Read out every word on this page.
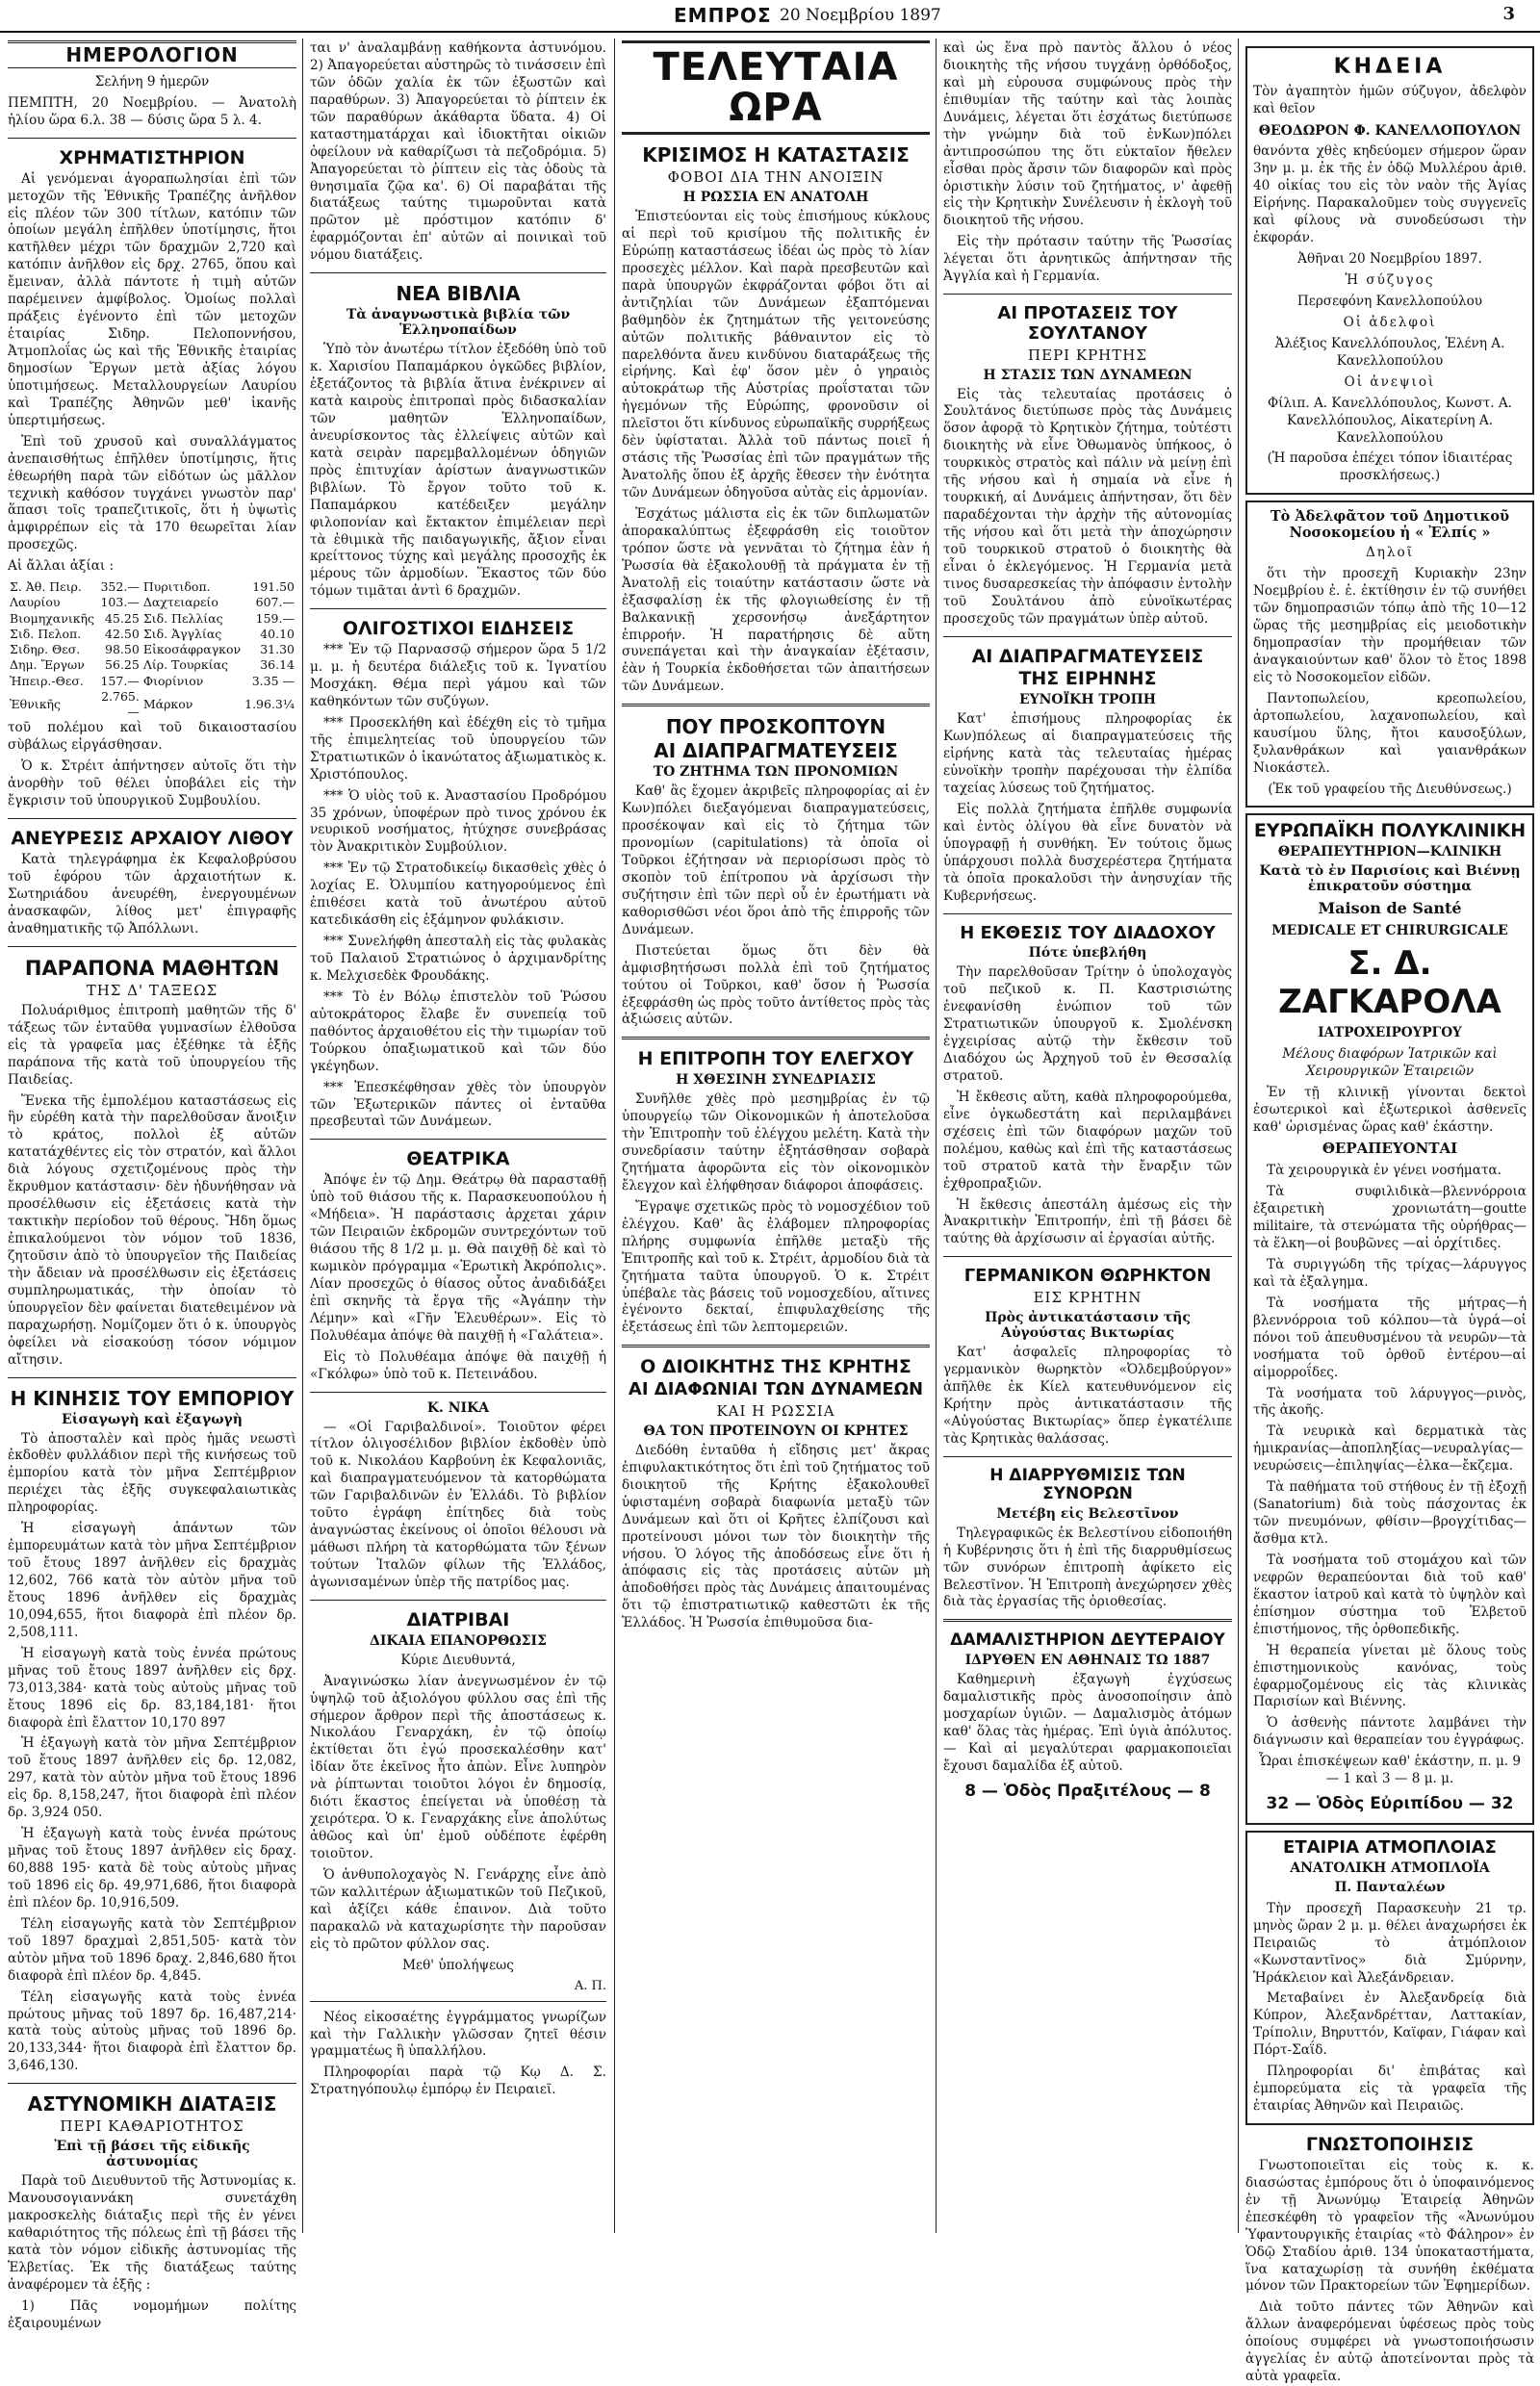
ΕΜΠΡΟΣ 20 Νοεμβρίου 1897	3
ΗΜΕΡΟΛΟΓΙΟΝ

Σελήνη 9 ἡμερῶν

ΠΕΜΠΤΗ, 20 Νοεμβρίου. — Ἀνατολὴ ἡλίου ὥρα 6.λ. 38 — δύσις ὥρα 5 λ. 4.

ΧΡΗΜΑΤΙΣΤΗΡΙΟΝ

Αἱ γενόμεναι ἀγοραπωλησίαι ἐπὶ τῶν μετοχῶν τῆς Ἐθνικῆς Τραπέζης ἀνῆλθον εἰς πλέον τῶν 300 τίτλων, κατόπιν τῶν ὁποίων μεγάλη ἐπῆλθεν ὑποτίμησις, ἥτοι κατῆλθεν μέχρι τῶν δραχμῶν 2,720 καὶ κατόπιν ἀνῆλθον εἰς δρχ. 2765, ὅπου καὶ ἔμειναν, ἀλλὰ πάντοτε ἡ τιμὴ αὐτῶν παρέμεινεν ἀμφίβολος. Ὁμοίως πολλαὶ πράξεις ἐγένοντο ἐπὶ τῶν μετοχῶν ἑταιρίας Σιδηρ. Πελοποννήσου, Ἀτμοπλοΐας ὡς καὶ τῆς Ἐθνικῆς ἑταιρίας δημοσίων Ἔργων μετὰ ἀξίας λόγου ὑποτιμήσεως. Μεταλλουργείων Λαυρίου καὶ Τραπέζης Ἀθηνῶν μεθ' ἱκανῆς ὑπερτιμήσεως.

Ἐπὶ τοῦ χρυσοῦ καὶ συναλλάγματος ἀνεπαισθήτως ἐπῆλθεν ὑποτίμησις, ἥτις ἐθεωρήθη παρὰ τῶν εἰδότων ὡς μᾶλλον τεχνικὴ καθόσον τυγχάνει γνωστὸν παρ' ἅπασι τοῖς τραπεζιτικοῖς, ὅτι ἡ ὑψωτὶς ἀμφιρρέπων εἰς τὰ 170 θεωρεῖται λίαν προσεχῶς.

Αἱ ἄλλαι ἀξίαι :

Σ. Ἀθ. Πειρ.	352.—	Πυριτιδοπ.	191.50
Λαυρίου	103.—	Δαχτειαρείο	607.—
Βιομηχανικῆς	45.25	Σιδ. Πελλίας	159.—
Σιδ. Πελοπ.	42.50	Σιδ. Ἀγγλίας	40.10
Σιδηρ. Θεσ.	98.50	Εἰκοσάφραγκον	31.30
Δημ. Ἔργων	56.25	Λίρ. Τουρκίας	36.14
Ἠπειρ.-Θεσ.	157.—	Φιορίνιον	3.35 —
Ἐθνικῆς	2.765.—	Μάρκον	1.96.3¼

τοῦ πολέμου καὶ τοῦ δικαιοστασίου σὺβάλως εἰργάσθησαν.

Ὁ κ. Στρέιτ ἀπήντησεν αὐτοῖς ὅτι τὴν ἀνορθὴν τοῦ θέλει ὑποβάλει εἰς τὴν ἔγκρισιν τοῦ ὑπουργικοῦ Συμβουλίου.

ΑΝΕΥΡΕΣΙΣ ΑΡΧΑΙΟΥ ΛΙΘΟΥ

Κατὰ τηλεγράφημα ἐκ Κεφαλοβρύσου τοῦ ἐφόρου τῶν ἀρχαιοτήτων κ. Σωτηριάδου ἀνευρέθη, ἐνεργουμένων ἀνασκαφῶν, λίθος μετ' ἐπιγραφῆς ἀναθηματικῆς τῷ Ἀπόλλωνι.

ΠΑΡΑΠΟΝΑ ΜΑΘΗΤΩΝ
ΤΗΣ Δ' ΤΑΞΕΩΣ

Πολυάριθμος ἐπιτροπὴ μαθητῶν τῆς δ' τάξεως τῶν ἐνταῦθα γυμνασίων ἐλθοῦσα εἰς τὰ γραφεῖα μας ἐξέθηκε τὰ ἑξῆς παράπονα τῆς κατὰ τοῦ ὑπουργείου τῆς Παιδείας.

Ἕνεκα τῆς ἐμπολέμου καταστάσεως εἰς ἣν εὑρέθη κατὰ τὴν παρελθοῦσαν ἄνοιξιν τὸ κράτος, πολλοὶ ἐξ αὐτῶν κατατάχθέντες εἰς τὸν στρατόν, καὶ ἄλλοι διὰ λόγους σχετιζομένους πρὸς τὴν ἔκρυθμον κατάστασιν· δὲν ἠδυνήθησαν νὰ προσέλθωσιν εἰς ἐξετάσεις κατὰ τὴν τακτικὴν περίοδον τοῦ θέρους. Ἤδη ὅμως ἐπικαλούμενοι τὸν νόμον τοῦ 1836, ζητοῦσιν ἀπὸ τὸ ὑπουργεῖον τῆς Παιδείας τὴν ἄδειαν νὰ προσέλθωσιν εἰς ἐξετάσεις συμπληρωματικάς, τὴν ὁποίαν τὸ ὑπουργεῖον δὲν φαίνεται διατεθειμένον νὰ παραχωρήσῃ. Νομίζομεν ὅτι ὁ κ. ὑπουργὸς ὀφείλει νὰ εἰσακούσῃ τόσον νόμιμον αἴτησιν.

Η ΚΙΝΗΣΙΣ ΤΟΥ ΕΜΠΟΡΙΟΥ
Εἰσαγωγὴ καὶ ἐξαγωγὴ

Τὸ ἀποσταλὲν καὶ πρὸς ἡμᾶς νεωστὶ ἐκδοθὲν φυλλάδιον περὶ τῆς κινήσεως τοῦ ἐμπορίου κατὰ τὸν μῆνα Σεπτέμβριον περιέχει τὰς ἑξῆς συγκεφαλαιωτικὰς πληροφορίας.

Ἡ εἰσαγωγὴ ἁπάντων τῶν ἐμπορευμάτων κατὰ τὸν μῆνα Σεπτέμβριον τοῦ ἔτους 1897 ἀνῆλθεν εἰς δραχμὰς 12,602, 766 κατὰ τὸν αὐτὸν μῆνα τοῦ ἔτους 1896 ἀνῆλθεν εἰς δραχμὰς 10,094,655, ἥτοι διαφορὰ ἐπὶ πλέον δρ. 2,508,111.

Ἡ εἰσαγωγὴ κατὰ τοὺς ἐννέα πρώτους μῆνας τοῦ ἔτους 1897 ἀνῆλθεν εἰς δρχ. 73,013,384· κατὰ τοὺς αὐτοὺς μῆνας τοῦ ἔτους 1896 εἰς δρ. 83,184,181· ἥτοι διαφορὰ ἐπὶ ἔλαττον 10,170 897

Ἡ ἐξαγωγὴ κατὰ τὸν μῆνα Σεπτέμβριον τοῦ ἔτους 1897 ἀνῆλθεν εἰς δρ. 12,082, 297, κατὰ τὸν αὐτὸν μῆνα τοῦ ἔτους 1896 εἰς δρ. 8,158,247, ἥτοι διαφορὰ ἐπὶ πλέον δρ. 3,924 050.

Ἡ ἐξαγωγὴ κατὰ τοὺς ἐννέα πρώτους μῆνας τοῦ ἔτους 1897 ἀνῆλθεν εἰς δραχ. 60,888 195· κατὰ δὲ τοὺς αὐτοὺς μῆνας τοῦ 1896 εἰς δρ. 49,971,686, ἥτοι διαφορὰ ἐπὶ πλέον δρ. 10,916,509.

Τέλη εἰσαγωγῆς κατὰ τὸν Σεπτέμβριον τοῦ 1897 δραχμαὶ 2,851,505· κατὰ τὸν αὐτὸν μῆνα τοῦ 1896 δραχ. 2,846,680 ἥτοι διαφορὰ ἐπὶ πλέον δρ. 4,845.

Τέλη εἰσαγωγῆς κατὰ τοὺς ἐννέα πρώτους μῆνας τοῦ 1897 δρ. 16,487,214· κατὰ τοὺς αὐτοὺς μῆνας τοῦ 1896 δρ. 20,133,344· ἥτοι διαφορὰ ἐπὶ ἔλαττον δρ. 3,646,130.

ΑΣΤΥΝΟΜΙΚΗ ΔΙΑΤΑΞΙΣ
ΠΕΡΙ ΚΑΘΑΡΙΟΤΗΤΟΣ
Ἐπὶ τῇ βάσει τῆς εἰδικῆς ἀστυνομίας

Παρὰ τοῦ Διευθυντοῦ τῆς Ἀστυνομίας κ. Μανουσογιαννάκη συνετάχθη μακροσκελὴς διάταξις περὶ τῆς ἐν γένει καθαριότητος τῆς πόλεως ἐπὶ τῇ βάσει τῆς κατὰ τὸν νόμον εἰδικῆς ἀστυνομίας τῆς Ἑλβετίας. Ἐκ τῆς διατάξεως ταύτης ἀναφέρομεν τὰ ἑξῆς :

1) Πᾶς νομομήμων πολίτης ἐξαιρουμένων

ται ν' ἀναλαμβάνῃ καθήκοντα ἀστυνόμου. 2) Ἀπαγορεύεται αὐστηρῶς τὸ τινάσσειν ἐπὶ τῶν ὁδῶν χαλία ἐκ τῶν ἐξωστῶν καὶ παραθύρων. 3) Ἀπαγορεύεται τὸ ῥίπτειν ἐκ τῶν παραθύρων ἀκάθαρτα ὕδατα. 4) Οἱ καταστηματάρχαι καὶ ἰδιοκτῆται οἰκιῶν ὀφείλουν νὰ καθαρίζωσι τὰ πεζοδρόμια. 5) Ἀπαγορεύεται τὸ ῥίπτειν εἰς τὰς ὁδοὺς τὰ θνησιμαῖα ζῷα κα'. 6) Οἱ παραβάται τῆς διατάξεως ταύτης τιμωροῦνται κατὰ πρῶτον μὲ πρόστιμον κατόπιν δ' ἐφαρμόζονται ἐπ' αὐτῶν αἱ ποινικαὶ τοῦ νόμου διατάξεις.

ΝΕΑ ΒΙΒΛΙΑ
Τὰ ἀναγνωστικὰ βιβλία τῶν Ἑλληνοπαίδων

Ὑπὸ τὸν ἀνωτέρω τίτλον ἐξεδόθη ὑπὸ τοῦ κ. Χαρισίου Παπαμάρκου ὀγκῶδες βιβλίον, ἐξετάζοντος τὰ βιβλία ἅτινα ἐνέκρινεν αἱ κατὰ καιροὺς ἐπιτροπαὶ πρὸς διδασκαλίαν τῶν μαθητῶν Ἑλληνοπαίδων, ἀνευρίσκοντος τὰς ἐλλείψεις αὐτῶν καὶ κατὰ σειρὰν παρεμβαλλομένων ὁδηγιῶν πρὸς ἐπιτυχίαν ἀρίστων ἀναγνωστικῶν βιβλίων. Τὸ ἔργον τοῦτο τοῦ κ. Παπαμάρκου κατέδειξεν μεγάλην φιλοπονίαν καὶ ἔκτακτον ἐπιμέλειαν περὶ τὰ ἐθιμικὰ τῆς παιδαγωγικῆς, ἄξιον εἶναι κρείττονος τύχης καὶ μεγάλης προσοχῆς ἐκ μέρους τῶν ἁρμοδίων. Ἕκαστος τῶν δύο τόμων τιμᾶται ἀντὶ 6 δραχμῶν.

ΟΛΙΓΟΣΤΙΧΟΙ ΕΙΔΗΣΕΙΣ

*** Ἐν τῷ Παρνασσῷ σήμερον ὥρα 5 1/2 μ. μ. ἡ δευτέρα διάλεξις τοῦ κ. Ἰγνατίου Μοσχάκη. Θέμα περὶ γάμου καὶ τῶν καθηκόντων τῶν συζύγων.

*** Προσεκλήθη καὶ ἐδέχθη εἰς τὸ τμῆμα τῆς ἐπιμελητείας τοῦ ὑπουργείου τῶν Στρατιωτικῶν ὁ ἱκανώτατος ἀξιωματικὸς κ. Χριστόπουλος.

*** Ὁ υἱὸς τοῦ κ. Ἀναστασίου Προδρόμου 35 χρόνων, ὑποφέρων πρὸ τινος χρόνου ἐκ νευρικοῦ νοσήματος, ἠτύχησε συνεβράσας τὸν Ἀνακριτικὸν Συμβούλιον.

*** Ἐν τῷ Στρατοδικείῳ δικασθεὶς χθὲς ὁ λοχίας Ε. Ὀλυμπίου κατηγορούμενος ἐπὶ ἐπιθέσει κατὰ τοῦ ἀνωτέρου αὐτοῦ κατεδικάσθη εἰς ἑξάμηνον φυλάκισιν.

*** Συνελήφθη ἀπεσταλὴ εἰς τὰς φυλακὰς τοῦ Παλαιοῦ Στρατιώνος ὁ ἀρχιμανδρίτης κ. Μελχισεδὲκ Φρουδάκης.

*** Τὸ ἐν Βόλῳ ἐπιστελὸν τοῦ Ῥώσου αὐτοκράτορος ἔλαβε ἕν συνεπείᾳ τοῦ παθόντος ἀρχαιοθέτου εἰς τὴν τιμωρίαν τοῦ Τούρκου ὀπαξιωματικοῦ καὶ τῶν δύο γκέγηδων.

*** Ἐπεσκέφθησαν χθὲς τὸν ὑπουργὸν τῶν Ἐξωτερικῶν πάντες οἱ ἐνταῦθα πρεσβευταὶ τῶν Δυνάμεων.

ΘΕΑΤΡΙΚΑ

Ἀπόψε ἐν τῷ Δημ. Θεάτρῳ θὰ παρασταθῇ ὑπὸ τοῦ θιάσου τῆς κ. Παρασκευοπούλου ἡ «Μήδεια». Ἡ παράστασις ἀρχεται χάριν τῶν Πειραιῶν ἐκδρομῶν συντρεχόντων τοῦ θιάσου τῆς 8 1/2 μ. μ. Θὰ παιχθῇ δὲ καὶ τὸ κωμικὸν πρόγραμμα «Ἐρωτικὴ Ἀκρόπολις». Λίαν προσεχῶς ὁ θίασος οὗτος ἀναδιδάξει ἐπὶ σκηνῆς τὰ ἔργα τῆς «Ἀγάπην τὴν Λέμην» καὶ «Γῆν Ἐλευθέρων». Εἰς τὸ Πολυθέαμα ἀπόψε θὰ παιχθῇ ἡ «Γαλάτεια».

Εἰς τὸ Πολυθέαμα ἀπόψε θὰ παιχθῇ ἡ «Γκόλφω» ὑπὸ τοῦ κ. Πετεινάδου.

Κ. ΝΙΚΑ

— «Οἱ Γαριβαλδινοί». Τοιοῦτον φέρει τίτλον ὀλιγοσέλιδον βιβλίον ἐκδοθὲν ὑπὸ τοῦ κ. Νικολάου Καρβούνη ἐκ Κεφαλονιᾶς, καὶ διαπραγματευόμενον τὰ κατορθώματα τῶν Γαριβαλδινῶν ἐν Ἑλλάδι. Τὸ βιβλίον τοῦτο ἐγράφη ἐπίτηδες διὰ τοὺς ἀναγνώστας ἐκείνους οἱ ὁποῖοι θέλουσι νὰ μάθωσι πλήρη τὰ κατορθώματα τῶν ξένων τούτων Ἰταλῶν φίλων τῆς Ἑλλάδος, ἀγωνισαμένων ὑπὲρ τῆς πατρίδος μας.

ΔΙΑΤΡΙΒΑΙ
ΔΙΚΑΙΑ ΕΠΑΝΟΡΘΩΣΙΣ

Κύριε Διευθυντά,

Ἀναγινώσκω λίαν ἀνεγνωσμένον ἐν τῷ ὑψηλῷ τοῦ ἀξιολόγου φύλλου σας ἐπὶ τῆς σήμερον ἄρθρον περὶ τῆς ἀποστάσεως κ. Νικολάου Γεναρχάκη, ἐν τῷ ὁποίῳ ἐκτίθεται ὅτι ἐγώ προσεκαλέσθην κατ' ἰδίαν ὅτε ἐκεῖνος ἦτο ἀπὼν. Εἶνε λυπηρὸν νὰ ῥίπτωνται τοιοῦτοι λόγοι ἐν δημοσίᾳ, διότι ἕκαστος ἐπείγεται νὰ ὑποθέσῃ τὰ χειρότερα. Ὁ κ. Γεναρχάκης εἶνε ἀπολύτως ἀθῶος καὶ ὑπ' ἐμοῦ οὐδέποτε ἐφέρθη τοιοῦτον.

Ὁ ἀνθυπολοχαγὸς Ν. Γενάρχης εἶνε ἀπὸ τῶν καλλιτέρων ἀξιωματικῶν τοῦ Πεζικοῦ, καὶ ἀξίζει κάθε ἐπαινον. Διὰ τοῦτο παρακαλῶ νὰ καταχωρίσητε τὴν παροῦσαν εἰς τὸ πρῶτον φύλλον σας.

Μεθ' ὑπολήψεως

Α. Π.

Νέος εἰκοσαέτης ἐγγράμματος γνωρίζων καὶ τὴν Γαλλικὴν γλῶσσαν ζητεῖ θέσιν γραμματέως ἢ ὑπαλλήλου.

Πληροφορίαι παρὰ τῷ Κῳ Δ. Σ. Στρατηγόπουλῳ ἐμπόρῳ ἐν Πειραιεῖ.

ΤΕΛΕΥΤΑΙΑ ΩΡΑ
ΚΡΙΣΙΜΟΣ Η ΚΑΤΑΣΤΑΣΙΣ
ΦΟΒΟΙ ΔΙΑ ΤΗΝ ΑΝΟΙΞΙΝ
Η ΡΩΣΣΙΑ ΕΝ ΑΝΑΤΟΛΗ

Ἐπιστεύονται εἰς τοὺς ἐπισήμους κύκλους αἱ περὶ τοῦ κρισίμου τῆς πολιτικῆς ἐν Εὐρώπῃ καταστάσεως ἰδέαι ὡς πρὸς τὸ λίαν προσεχὲς μέλλον. Καὶ παρὰ πρεσβευτῶν καὶ παρὰ ὑπουργῶν ἐκφράζονται φόβοι ὅτι αἱ ἀντιζηλίαι τῶν Δυνάμεων ἐξαπτόμεναι βαθμηδὸν ἐκ ζητημάτων τῆς γειτονεύσης αὐτῶν πολιτικῆς βάθναιντον εἰς τὸ παρελθόντα ἄνευ κινδύνου διαταράξεως τῆς εἰρήνης. Καὶ ἐφ' ὅσον μὲν ὁ γηραιὸς αὐτοκράτωρ τῆς Αὐστρίας προΐσταται τῶν ἡγεμόνων τῆς Εὐρώπης, φρονοῦσιν οἱ πλεῖστοι ὅτι κίνδυνος εὐρωπαϊκῆς συρρήξεως δὲν ὑφίσταται. Ἀλλὰ τοῦ πάντως ποιεῖ ἡ στάσις τῆς Ῥωσσίας ἐπὶ τῶν πραγμάτων τῆς Ἀνατολῆς ὅπου ἐξ ἀρχῆς ἔθεσεν τὴν ἐνότητα τῶν Δυνάμεων ὁδηγοῦσα αὐτὰς εἰς ἀρμονίαν.

Ἐσχάτως μάλιστα εἰς ἐκ τῶν διπλωματῶν ἀπορακαλύπτως ἐξεφράσθη εἰς τοιοῦτον τρόπον ὥστε νὰ γεννᾶται τὸ ζήτημα ἐὰν ἡ Ῥωσσία θὰ ἐξακολουθῇ τὰ πράγματα ἐν τῇ Ἀνατολῇ εἰς τοιαύτην κατάστασιν ὥστε νὰ ἐξασφαλίσῃ ἐκ τῆς φλογιωθείσης ἐν τῇ Βαλκανικῇ χερσονήσῳ ἀνεξάρτητον ἐπιρροήν. Ἡ παρατήρησις δὲ αὕτη συνεπάγεται καὶ τὴν ἀναγκαίαν ἐξέτασιν, ἐὰν ἡ Τουρκία ἐκδοθήσεται τῶν ἀπαιτήσεων τῶν Δυνάμεων.

ΠΟΥ ΠΡΟΣΚΟΠΤΟΥΝ
ΑΙ ΔΙΑΠΡΑΓΜΑΤΕΥΣΕΙΣ
ΤΟ ΖΗΤΗΜΑ ΤΩΝ ΠΡΟΝΟΜΙΩΝ

Καθ' ἃς ἔχομεν ἀκριβεῖς πληροφορίας αἱ ἐν Κων)πόλει διεξαγόμεναι διαπραγματεύσεις, προσέκοψαν καὶ εἰς τὸ ζήτημα τῶν προνομίων (capitulations) τὰ ὁποῖα οἱ Τοῦρκοι ἐζήτησαν νὰ περιορίσωσι πρὸς τὸ σκοπὸν τοῦ ἐπίτροπου νὰ ἀρχίσωσι τὴν συζήτησιν ἐπὶ τῶν περὶ οὗ ἐν ἐρωτήματι νὰ καθορισθῶσι νέοι ὅροι ἀπὸ τῆς ἐπιρροῆς τῶν Δυνάμεων.

Πιστεύεται ὅμως ὅτι δὲν θὰ ἀμφισβητήσωσι πολλὰ ἐπὶ τοῦ ζητήματος τούτου οἱ Τοῦρκοι, καθ' ὅσον ἡ Ῥωσσία ἐξεφράσθη ὡς πρὸς τοῦτο ἀντίθετος πρὸς τὰς ἀξιώσεις αὐτῶν.

Η ΕΠΙΤΡΟΠΗ ΤΟΥ ΕΛΕΓΧΟΥ
Η ΧΘΕΣΙΝΗ ΣΥΝΕΔΡΙΑΣΙΣ

Συνῆλθε χθὲς πρὸ μεσημβρίας ἐν τῷ ὑπουργείῳ τῶν Οἰκονομικῶν ἡ ἀποτελοῦσα τὴν Ἐπιτροπὴν τοῦ ἐλέγχου μελέτη. Κατὰ τὴν συνεδρίασιν ταύτην ἐξητάσθησαν σοβαρὰ ζητήματα ἀφορῶντα εἰς τὸν οἰκονομικὸν ἔλεγχον καὶ ἐλήφθησαν διάφοροι ἀποφάσεις.

Ἔγραψε σχετικῶς πρὸς τὸ νομοσχέδιον τοῦ ἐλέγχου. Καθ' ἃς ἐλάβομεν πληροφορίας πλήρης συμφωνία ἐπῆλθε μεταξὺ τῆς Ἐπιτροπῆς καὶ τοῦ κ. Στρέιτ, ἀρμοδίου διὰ τὰ ζητήματα ταῦτα ὑπουργοῦ. Ὁ κ. Στρέιτ ὑπέβαλε τὰς βάσεις τοῦ νομοσχεδίου, αἵτινες ἐγένοντο δεκταί, ἐπιφυλαχθείσης τῆς ἐξετάσεως ἐπὶ τῶν λεπτομερειῶν.

Ο ΔΙΟΙΚΗΤΗΣ ΤΗΣ ΚΡΗΤΗΣ
ΑΙ ΔΙΑΦΩΝΙΑΙ ΤΩΝ ΔΥΝΑΜΕΩΝ
ΚΑΙ Η ΡΩΣΣΙΑ
ΘΑ ΤΟΝ ΠΡΟΤΕΙΝΟΥΝ ΟΙ ΚΡΗΤΕΣ

Διεδόθη ἐνταῦθα ἡ εἴδησις μετ' ἄκρας ἐπιφυλακτικότητος ὅτι ἐπὶ τοῦ ζητήματος τοῦ διοικητοῦ τῆς Κρήτης ἐξακολουθεῖ ὑφισταμένη σοβαρὰ διαφωνία μεταξὺ τῶν Δυνάμεων καὶ ὅτι οἱ Κρῆτες ἐλπίζουσι καὶ προτείνουσι μόνοι των τὸν διοικητὴν τῆς νήσου. Ὁ λόγος τῆς ἀποδόσεως εἶνε ὅτι ἡ ἀπόφασις εἰς τὰς προτάσεις αὐτῶν μὴ ἀποδοθήσει πρὸς τὰς Δυνάμεις ἀπαιτουμένας ὅτι τῷ ἐπιστρατιωτικῷ καθεστῶτι ἐκ τῆς Ἑλλάδος. Ἡ Ῥωσσία ἐπιθυμοῦσα δια-

καὶ ὡς ἕνα πρὸ παντὸς ἄλλου ὁ νέος διοικητὴς τῆς νήσου τυγχάνῃ ὀρθόδοξος, καὶ μὴ εὑρουσα συμφώνους πρὸς τὴν ἐπιθυμίαν τῆς ταύτην καὶ τὰς λοιπὰς Δυνάμεις, λέγεται ὅτι ἐσχάτως διετύπωσε τὴν γνώμην διὰ τοῦ ἐνΚων)πόλει ἀντιπροσώπου της ὅτι εὐκταῖον ἤθελεν εἶσθαι πρὸς ἄρσιν τῶν διαφορῶν καὶ πρὸς ὁριστικὴν λύσιν τοῦ ζητήματος, ν' ἀφεθῇ εἰς τὴν Κρητικὴν Συνέλευσιν ἡ ἐκλογὴ τοῦ διοικητοῦ τῆς νήσου.

Εἰς τὴν πρότασιν ταύτην τῆς Ῥωσσίας λέγεται ὅτι ἀρνητικῶς ἀπήντησαν τῆς Ἀγγλία καὶ ἡ Γερμανία.

ΑΙ ΠΡΟΤΑΣΕΙΣ ΤΟΥ ΣΟΥΛΤΑΝΟΥ
ΠΕΡΙ ΚΡΗΤΗΣ
Η ΣΤΑΣΙΣ ΤΩΝ ΔΥΝΑΜΕΩΝ

Εἰς τὰς τελευταίας προτάσεις ὁ Σουλτάνος διετύπωσε πρὸς τὰς Δυνάμεις ὅσον ἀφορᾷ τὸ Κρητικὸν ζήτημα, τοὐτέστι διοικητὴς νὰ εἶνε Ὀθωμανὸς ὑπήκοος, ὁ τουρκικὸς στρατὸς καὶ πάλιν νὰ μείνῃ ἐπὶ τῆς νήσου καὶ ἡ σημαία νὰ εἶνε ἡ τουρκική, αἱ Δυνάμεις ἀπήντησαν, ὅτι δὲν παραδέχονται τὴν ἀρχὴν τῆς αὐτονομίας τῆς νήσου καὶ ὅτι μετὰ τὴν ἀποχώρησιν τοῦ τουρκικοῦ στρατοῦ ὁ διοικητὴς θὰ εἶναι ὁ ἐκλεγόμενος. Ἡ Γερμανία μετὰ τινος δυσαρεσκείας τὴν ἀπόφασιν ἐντολὴν τοῦ Σουλτάνου ἀπὸ εὐνοϊκωτέρας προσεχοῦς τῶν πραγμάτων ὑπὲρ αὐτοῦ.

ΑΙ ΔΙΑΠΡΑΓΜΑΤΕΥΣΕΙΣ
ΤΗΣ ΕΙΡΗΝΗΣ
ΕΥΝΟΪΚΗ ΤΡΟΠΗ

Κατ' ἐπισήμους πληροφορίας ἐκ Κων)πόλεως αἱ διαπραγματεύσεις τῆς εἰρήνης κατὰ τὰς τελευταίας ἡμέρας εὐνοϊκὴν τροπὴν παρέχουσαι τὴν ἐλπίδα ταχείας λύσεως τοῦ ζητήματος.

Εἰς πολλὰ ζητήματα ἐπῆλθε συμφωνία καὶ ἐντὸς ὀλίγου θὰ εἶνε δυνατὸν νὰ ὑπογραφῇ ἡ συνθήκη. Ἐν τούτοις ὅμως ὑπάρχουσι πολλὰ δυσχερέστερα ζητήματα τὰ ὁποῖα προκαλοῦσι τὴν ἀνησυχίαν τῆς Κυβερνήσεως.

Η ΕΚΘΕΣΙΣ ΤΟΥ ΔΙΑΔΟΧΟΥ
Πότε ὑπεβλήθη

Τὴν παρελθοῦσαν Τρίτην ὁ ὑπολοχαγὸς τοῦ πεζικοῦ κ. Π. Καστρισιώτης ἐνεφανίσθη ἐνώπιον τοῦ τῶν Στρατιωτικῶν ὑπουργοῦ κ. Σμολένσκη ἐγχειρίσας αὐτῷ τὴν ἔκθεσιν τοῦ Διαδόχου ὡς Ἀρχηγοῦ τοῦ ἐν Θεσσαλίᾳ στρατοῦ.

Ἡ ἔκθεσις αὕτη, καθὰ πληροφορούμεθα, εἶνε ὀγκωδεστάτη καὶ περιλαμβάνει σχέσεις ἐπὶ τῶν διαφόρων μαχῶν τοῦ πολέμου, καθὼς καὶ ἐπὶ τῆς καταστάσεως τοῦ στρατοῦ κατὰ τὴν ἔναρξιν τῶν ἐχθροπραξιῶν.

Ἡ ἔκθεσις ἀπεστάλη ἀμέσως εἰς τὴν Ἀνακριτικὴν Ἐπιτροπήν, ἐπὶ τῇ βάσει δὲ ταύτης θὰ ἀρχίσωσιν αἱ ἐργασίαι αὐτῆς.

ΓΕΡΜΑΝΙΚΟΝ ΘΩΡΗΚΤΟΝ
ΕΙΣ ΚΡΗΤΗΝ
Πρὸς ἀντικατάστασιν τῆς Αὐγούστας Βικτωρίας

Κατ' ἀσφαλεῖς πληροφορίας τὸ γερμανικὸν θωρηκτὸν «Ὀλδεμβούργον» ἀπῆλθε ἐκ Κίελ κατευθυνόμενον εἰς Κρήτην πρὸς ἀντικατάστασιν τῆς «Αὐγούστας Βικτωρίας» ὅπερ ἐγκατέλιπε τὰς Κρητικὰς θαλάσσας.

Η ΔΙΑΡΡΥΘΜΙΣΙΣ ΤΩΝ ΣΥΝΟΡΩΝ
Μετέβη εἰς Βελεστῖνον

Τηλεγραφικῶς ἐκ Βελεστίνου εἰδοποιήθη ἡ Κυβέρνησις ὅτι ἡ ἐπὶ τῆς διαρρυθμίσεως τῶν συνόρων ἐπιτροπὴ ἀφίκετο εἰς Βελεστῖνον. Ἡ Ἐπιτροπὴ ἀνεχώρησεν χθὲς διὰ τὰς ἐργασίας τῆς ὁριοθεσίας.

ΔΑΜΑΛΙΣΤΗΡΙΟΝ ΔΕΥΤΕΡΑΙΟΥ
ΙΔΡΥΘΕΝ ΕΝ ΑΘΗΝΑΙΣ ΤΩ 1887

Καθημερινὴ ἐξαγωγὴ ἐγχύσεως δαμαλιστικῆς πρὸς ἀνοσοποίησιν ἀπὸ μοσχαρίων ὑγιῶν. — Δαμαλισμὸς ἀτόμων καθ' ὅλας τὰς ἡμέρας. Ἐπὶ ὑγιὰ ἀπόλυτος. — Καὶ αἱ μεγαλύτεραι φαρμακοποιεῖαι ἔχουσι δαμαλίδα ἐξ αὐτοῦ.

8 — Ὁδὸς Πραξιτέλους — 8
ΚΗΔΕΙΑ

Τὸν ἀγαπητὸν ἡμῶν σύζυγον, ἀδελφὸν καὶ θεῖον

ΘΕΟΔΩΡΟΝ Φ. ΚΑΝΕΛΛΟΠΟΥΛΟΝ

θανόντα χθὲς κηδεύομεν σήμερον ὥραν 3ην μ. μ. ἐκ τῆς ἐν ὁδῷ Μυλλέρου ἀριθ. 40 οἰκίας του εἰς τὸν ναὸν τῆς Ἁγίας Εἰρήνης. Παρακαλοῦμεν τοὺς συγγενεῖς καὶ φίλους νὰ συνοδεύσωσι τὴν ἐκφοράν.

Ἀθῆναι 20 Νοεμβρίου 1897.

Ἡ σύζυγος

Περσεφόνη Κανελλοπούλου

Οἱ ἀδελφοὶ

Ἀλέξιος Κανελλόπουλος, Ἑλένη Α. Κανελλοπούλου

Οἱ ἀνεψιοὶ

Φίλιπ. Α. Κανελλόπουλος, Κωνστ. Α. Κανελλόπουλος, Αἰκατερίνη Α. Κανελλοπούλου

(Ἡ παροῦσα ἐπέχει τόπον ἰδιαιτέρας προσκλήσεως.)

Τὸ Ἀδελφᾶτον τοῦ Δημοτικοῦ Νοσοκομείου ἡ « Ἐλπίς »

Δηλοῖ

ὅτι τὴν προσεχῆ Κυριακὴν 23ην Νοεμβρίου ἐ. ἐ. ἐκτίθησιν ἐν τῷ συνήθει τῶν δημοπρασιῶν τόπῳ ἀπὸ τῆς 10—12 ὥρας τῆς μεσημβρίας εἰς μειοδοτικὴν δημοπρασίαν τὴν προμήθειαν τῶν ἀναγκαιούντων καθ' ὅλον τὸ ἔτος 1898 εἰς τὸ Νοσοκομεῖον εἰδῶν.

Παντοπωλείου, κρεοπωλείου, ἀρτοπωλείου, λαχανοπωλείου, καὶ καυσίμου ὕλης, ἤτοι καυσοξύλων, ξυλανθράκων καὶ γαιανθράκων Νιοκάστελ.

(Ἐκ τοῦ γραφείου τῆς Διευθύνσεως.)

ΕΥΡΩΠΑΪΚΗ ΠΟΛΥΚΛΙΝΙΚΗ
ΘΕΡΑΠΕΥΤΗΡΙΟΝ—ΚΛΙΝΙΚΗ
Κατὰ τὸ ἐν Παρισίοις καὶ Βιέννῃ ἐπικρατοῦν σύστημα

Maison de Santé

MEDICALE ET CHIRURGICALE

Σ. Δ. ΖΑΓΚΑΡΟΛΑ

ΙΑΤΡΟΧΕΙΡΟΥΡΓΟΥ

Μέλους διαφόρων Ἰατρικῶν καὶ Χειρουργικῶν Ἑταιρειῶν

Ἐν τῇ κλινικῇ γίνονται δεκτοὶ ἐσωτερικοὶ καὶ ἐξωτερικοὶ ἀσθενεῖς καθ' ὡρισμένας ὥρας καθ' ἑκάστην.

ΘΕΡΑΠΕΥΟΝΤΑΙ

Τὰ χειρουργικὰ ἐν γένει νοσήματα.

Τὰ συφιλιδικὰ—βλεννόρροια ἐξαιρετικὴ χρονιωτάτη—goutte militaire, τὰ στενώματα τῆς οὐρήθρας—τὰ ἕλκη—οἱ βουβῶνες —αἱ ὀρχίτιδες.

Τὰ συριγγώδη τῆς τρίχας—λάρυγγος καὶ τὰ ἐξαλγημα.

Τὰ νοσήματα τῆς μήτρας—ἡ βλεννόρροια τοῦ κόλπου—τὰ ὑγρά—οἱ πόνοι τοῦ ἀπευθυσμένου τὰ νευρῶν—τὰ νοσήματα τοῦ ὀρθοῦ ἐντέρου—αἱ αἱμορροΐδες.

Τὰ νοσήματα τοῦ λάρυγγος—ρινὸς, τῆς ἀκοῆς.

Τὰ νευρικὰ καὶ δερματικὰ τὰς ἡμικρανίας—ἀποπληξίας—νευραλγίας—νευρώσεις—ἐπιληψίας—ἑλκα—ἔκζεμα.

Τὰ παθήματα τοῦ στήθους ἐν τῇ ἐξοχῇ (Sanatorium) διὰ τοὺς πάσχοντας ἐκ τῶν πνευμόνων, φθίσιν—βρογχίτιδας—ἄσθμα κτλ.

Τὰ νοσήματα τοῦ στομάχου καὶ τῶν νεφρῶν θεραπεύονται διὰ τοῦ καθ' ἕκαστον ἰατροῦ καὶ κατὰ τὸ ὑψηλὸν καὶ ἐπίσημον σύστημα τοῦ Ἐλβετοῦ ἐπιστήμονος, τῆς ὀρθοπεδικῆς.

Ἡ θεραπεία γίνεται μὲ ὅλους τοὺς ἐπιστημονικοὺς κανόνας, τοὺς ἐφαρμοζομένους εἰς τὰς κλινικὰς Παρισίων καὶ Βιέννης.

Ὁ ἀσθενὴς πάντοτε λαμβάνει τὴν διάγνωσιν καὶ θεραπείαν του ἐγγράφως.

Ὧραι ἐπισκέψεων καθ' ἑκάστην, π. μ. 9 — 1 καὶ 3 — 8 μ. μ.

32 — Ὁδὸς Εὐριπίδου — 32
ΕΤΑΙΡΙΑ ΑΤΜΟΠΛΟΙΑΣ
ΑΝΑΤΟΛΙΚΗ ΑΤΜΟΠΛΟΪΑ

Π. Πανταλέων

Τὴν προσεχῆ Παρασκευὴν 21 τρ. μηνὸς ὥραν 2 μ. μ. θέλει ἀναχωρήσει ἐκ Πειραιῶς τὸ ἀτμόπλοιον «Κωνσταντῖνος» διὰ Σμύρνην, Ἡράκλειον καὶ Ἀλεξάνδρειαν.

Μεταβαίνει ἐν Ἀλεξανδρείᾳ διὰ Κύπρον, Ἀλεξανδρέτταν, Λαττακίαν, Τρίπολιν, Βηρυττόν, Καϊφαν, Γιάφαν καὶ Πόρτ-Σαΐδ.

Πληροφορίαι δι' ἐπιβάτας καὶ ἐμπορεύματα εἰς τὰ γραφεῖα τῆς ἑταιρίας Ἀθηνῶν καὶ Πειραιῶς.

ΓΝΩΣΤΟΠΟΙΗΣΙΣ

Γνωστοποιεῖται εἰς τοὺς κ. κ. διασώστας ἐμπόρους ὅτι ὁ ὑποφαινόμενος ἐν τῇ Ἀνωνύμῳ Ἑταιρείᾳ Ἀθηνῶν ἐπεσκέφθη τὸ γραφεῖον τῆς «Ἀνωνύμου Ὑφαντουργικῆς ἑταιρίας «τὸ Φάληρον» ἐν Ὁδῷ Σταδίου ἀριθ. 134 ὑποκαταστήματα, ἵνα καταχωρίσῃ τὰ συνήθη ἐκθέματα μόνον τῶν Πρακτορείων τῶν Ἐφημερίδων.

Διὰ τοῦτο πάντες τῶν Ἀθηνῶν καὶ ἄλλων ἀναφερόμεναι ὑφέσεως πρὸς τοὺς ὁποίους συμφέρει νὰ γνωστοποιήσωσιν ἀγγελίας ἐν αὐτῷ ἀποτείνονται πρὸς τὰ αὐτὰ γραφεῖα.
